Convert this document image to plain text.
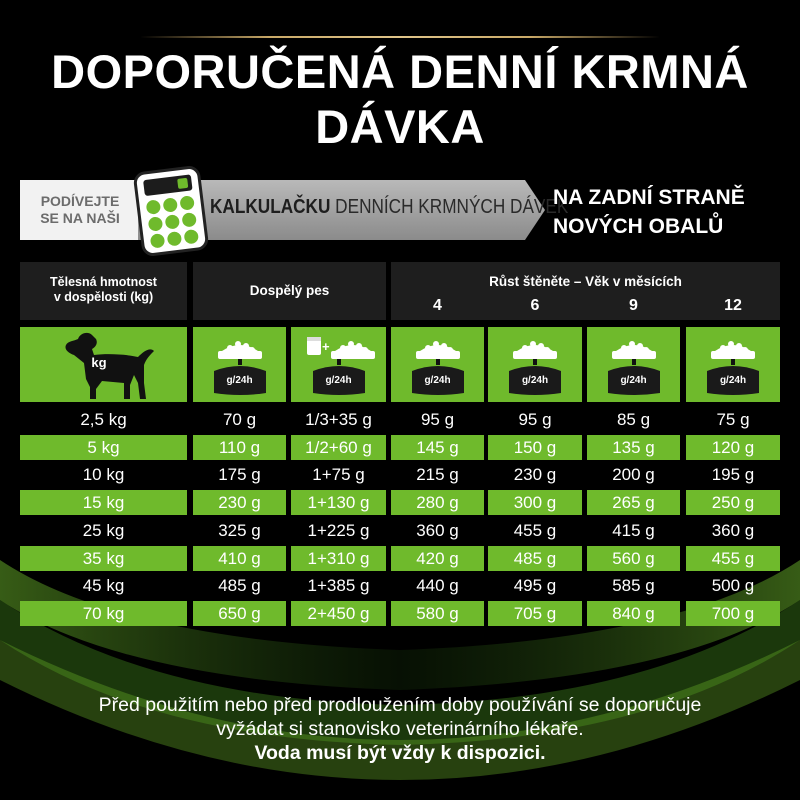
DOPORUČENÁ DENNÍ KRMNÁ DÁVKA
PODÍVEJTE
SE NA NAŠI	KALKULAČKU DENNÍCH KRMNÝCH DÁVEK
NA ZADNÍ STRANĚ
NOVÝCH OBALŮ
Tělesná hmotnost
v dospělosti (kg)	Dospělý pes
Růst štěněte – Věk v měsících
4	6	9	12
kg
g/24h
+
g/24h	g/24h	g/24h	g/24h	g/24h
2,5 kg	70 g	1/3+35 g	95 g	95 g	85 g	75 g
5 kg	110 g	1/2+60 g	145 g	150 g	135 g	120 g
10 kg	175 g	1+75 g	215 g	230 g	200 g	195 g
15 kg	230 g	1+130 g	280 g	300 g	265 g	250 g
25 kg	325 g	1+225 g	360 g	455 g	415 g	360 g
35 kg	410 g	1+310 g	420 g	485 g	560 g	455 g
45 kg	485 g	1+385 g	440 g	495 g	585 g	500 g
70 kg	650 g	2+450 g	580 g	705 g	840 g	700 g
Před použitím nebo před prodloužením doby používání se doporučuje
vyžádat si stanovisko veterinárního lékaře.
Voda musí být vždy k dispozici.
